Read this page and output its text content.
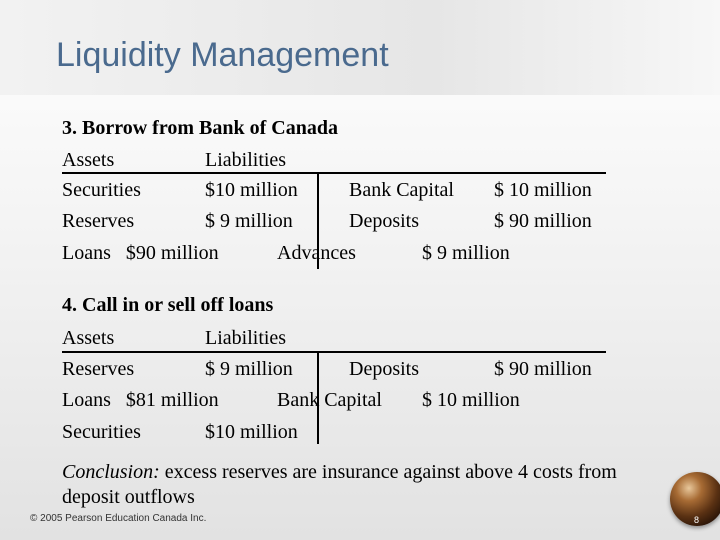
Liquidity Management
3. Borrow from Bank of Canada
Assets	Liabilities
Securities	$10 million	Bank Capital $ 10 million
Reserves	$ 9 million	Deposits	$ 90 million
Loans   $90 million	Advances	$ 9 million
4. Call in or sell off loans
Assets	Liabilities
Reserves	$ 9 million	Deposits	$ 90 million
Loans   $81 million	Bank Capital $ 10 million
Securities	$10 million
Conclusion: excess reserves are insurance against above 4 costs from deposit outflows
© 2005 Pearson Education Canada Inc.	8
